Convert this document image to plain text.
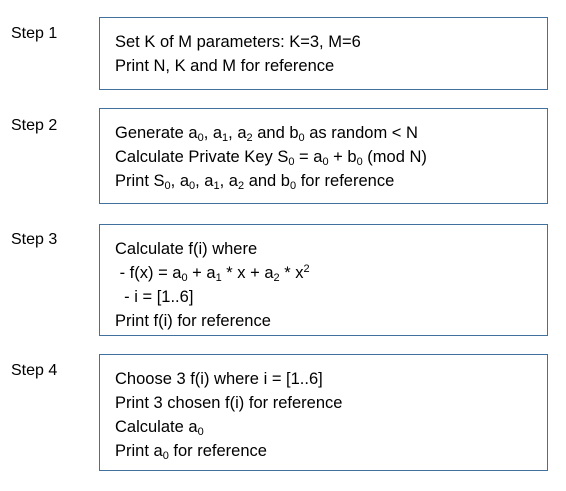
Step 1	Set K of M parameters: K=3, M=6
Print N, K and M for reference
Step 2	Generate $a_0$, $a_1$, $a_2$ and $b_0$ as random < N
Calculate Private Key $S_0 = a_0 + b_0$ (mod N)
Print $S_0$, $a_0$, $a_1$, $a_2$ and $b_0$ for reference
Step 3
Calculate f(i) where
- $f(x) = a_0 + a_1 * x + a_2 * x^2$
- i = [1..6]
Print f(i) for reference
Step 4	Choose 3 f(i) where i = [1..6]
Print 3 chosen f(i) for reference
Calculate $a_0$
Print $a_0$ for reference
